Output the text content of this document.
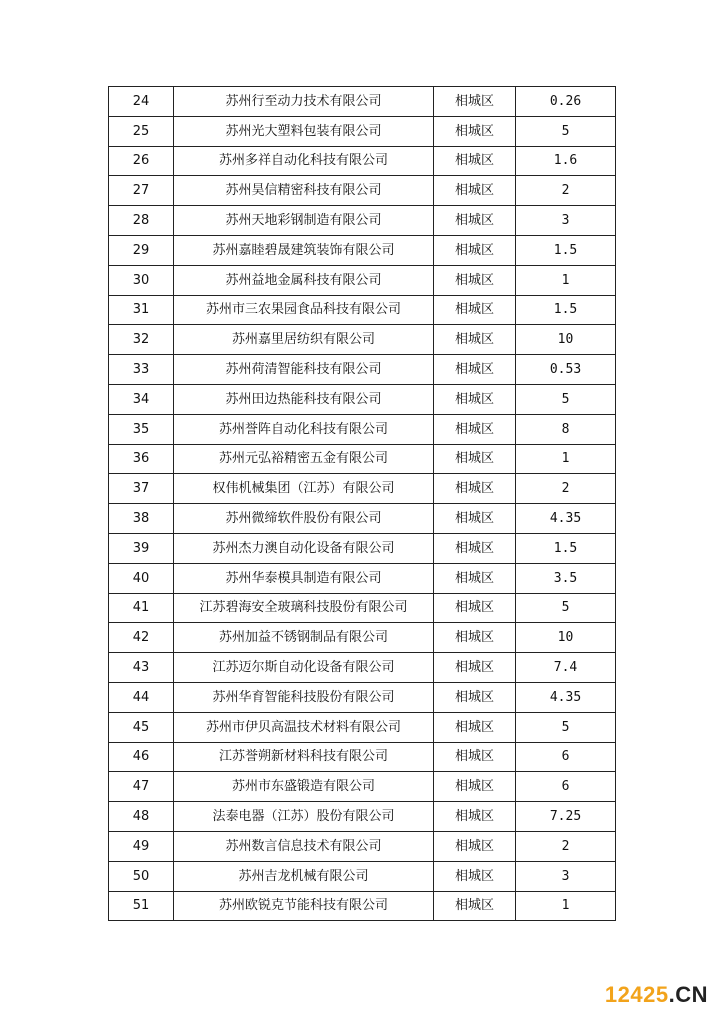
24	苏州行至动力技术有限公司	相城区	0.26
25	苏州光大塑料包装有限公司	相城区	5
26	苏州多祥自动化科技有限公司	相城区	1.6
27	苏州昊信精密科技有限公司	相城区	2
28	苏州天地彩钢制造有限公司	相城区	3
29	苏州嘉睦碧晟建筑装饰有限公司	相城区	1.5
30	苏州益地金属科技有限公司	相城区	1
31	苏州市三农果园食品科技有限公司	相城区	1.5
32	苏州嘉里居纺织有限公司	相城区	10
33	苏州荷清智能科技有限公司	相城区	0.53
34	苏州田边热能科技有限公司	相城区	5
35	苏州誉阵自动化科技有限公司	相城区	8
36	苏州元弘裕精密五金有限公司	相城区	1
37	权伟机械集团（江苏）有限公司	相城区	2
38	苏州微缔软件股份有限公司	相城区	4.35
39	苏州杰力澳自动化设备有限公司	相城区	1.5
40	苏州华泰模具制造有限公司	相城区	3.5
41	江苏碧海安全玻璃科技股份有限公司	相城区	5
42	苏州加益不锈钢制品有限公司	相城区	10
43	江苏迈尔斯自动化设备有限公司	相城区	7.4
44	苏州华育智能科技股份有限公司	相城区	4.35
45	苏州市伊贝高温技术材料有限公司	相城区	5
46	江苏誉朔新材料科技有限公司	相城区	6
47	苏州市东盛锻造有限公司	相城区	6
48	法泰电器（江苏）股份有限公司	相城区	7.25
49	苏州数言信息技术有限公司	相城区	2
50	苏州吉龙机械有限公司	相城区	3
51	苏州欧锐克节能科技有限公司	相城区	1
12425.CN
